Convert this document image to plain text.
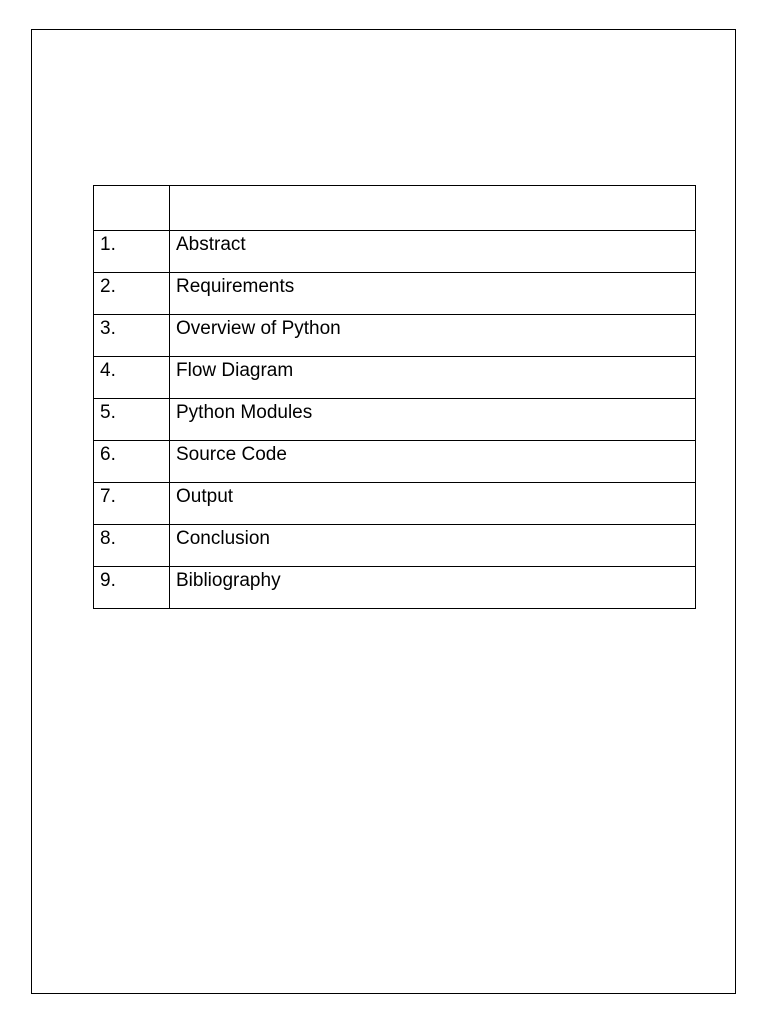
1.	Abstract
2.	Requirements
3.	Overview of Python
4.	Flow Diagram
5.	Python Modules
6.	Source Code
7.	Output
8.	Conclusion
9.	Bibliography
